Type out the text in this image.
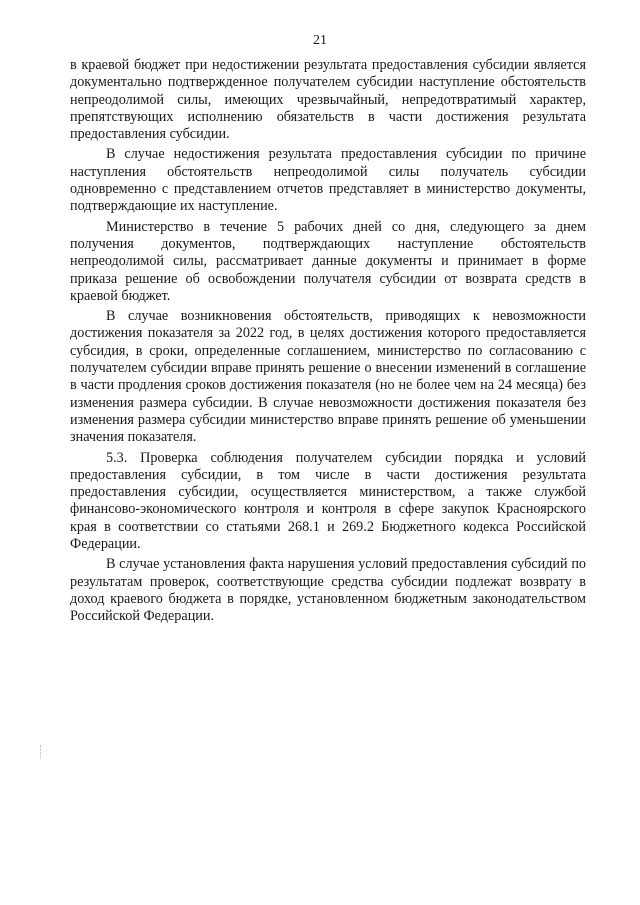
21

в краевой бюджет при недостижении результата предоставления субсидии является документально подтвержденное получателем субсидии наступление обстоятельств непреодолимой силы, имеющих чрезвычайный, непредотвратимый характер, препятствующих исполнению обязательств в части достижения результата предоставления субсидии.

В случае недостижения результата предоставления субсидии по причине наступления обстоятельств непреодолимой силы получатель субсидии одновременно с представлением отчетов представляет в министерство документы, подтверждающие их наступление.

Министерство в течение 5 рабочих дней со дня, следующего за днем получения документов, подтверждающих наступление обстоятельств непреодолимой силы, рассматривает данные документы и принимает в форме приказа решение об освобождении получателя субсидии от возврата средств в краевой бюджет.

В случае возникновения обстоятельств, приводящих к невозможности достижения показателя за 2022 год, в целях достижения которого предоставляется субсидия, в сроки, определенные соглашением, министерство по согласованию с получателем субсидии вправе принять решение о внесении изменений в соглашение в части продления сроков достижения показателя (но не более чем на 24 месяца) без изменения размера субсидии. В случае невозможности достижения показателя без изменения размера субсидии министерство вправе принять решение об уменьшении значения показателя.

5.3. Проверка соблюдения получателем субсидии порядка и условий предоставления субсидии, в том числе в части достижения результата предоставления субсидии, осуществляется министерством, а также службой финансово-экономического контроля и контроля в сфере закупок Красноярского края в соответствии со статьями 268.1 и 269.2 Бюджетного кодекса Российской Федерации.

В случае установления факта нарушения условий предоставления субсидий по результатам проверок, соответствующие средства субсидии подлежат возврату в доход краевого бюджета в порядке, установленном бюджетным законодательством Российской Федерации.
